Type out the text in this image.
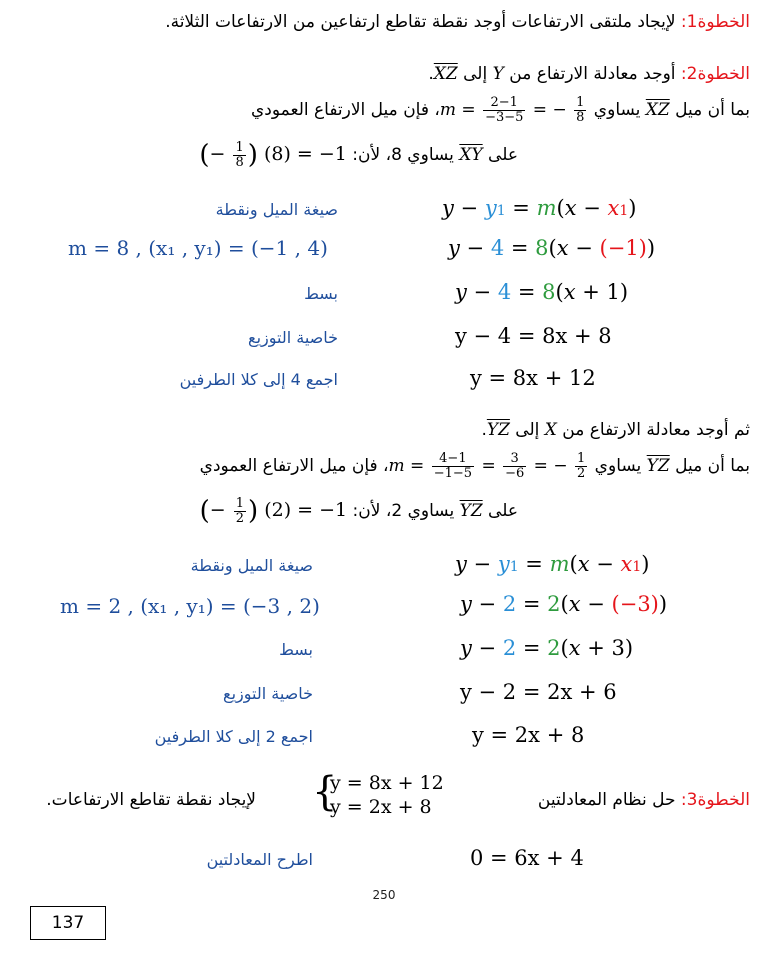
الخطوة1: لإيجاد ملتقى الارتفاعات أوجد نقطة تقاطع ارتفاعين من الارتفاعات الثلاثة.
الخطوة2: أوجد معادلة الارتفاع من Y إلى XZ.
بما أن ميل $\overline{XZ}$ يساوي $m = \frac{2-1}{-3-5}$ = − $\frac{1}{8}$
، فإن ميل الارتفاع العمودي
على $\overline{XY}$ يساوي 8، لأن: (− $\frac{1}{8}$ ) (8) = −1
صيغة الميل ونقطة	y − y1 = m(x − x1)
m = 8 , (x₁ , y₁) = (−1 , 4)	y − 4 = 8(x − (−1))
بسط	y − 4 = 8(x + 1)
خاصية التوزيع	y − 4 = 8x + 8
اجمع 4 إلى كلا الطرفين	y = 8x + 12
ثم أوجد معادلة الارتفاع من X إلى YZ.
بما أن ميل $\overline{YZ}$ يساوي $m = \frac{4-1}{-1-5} = \frac{3}{-6}$ = − $\frac{1}{2}$
، فإن ميل الارتفاع العمودي
على $\overline{YZ}$ يساوي 2، لأن: (− $\frac{1}{2}$ ) (2) = −1
صيغة الميل ونقطة	y − y1 = m(x − x1)
m = 2 , (x₁ , y₁) = (−3 , 2)	y − 2 = 2(x − (−3))
بسط	y − 2 = 2(x + 3)
خاصية التوزيع	y − 2 = 2x + 6
اجمع 2 إلى كلا الطرفين	y = 2x + 8
الخطوة3: حل نظام المعادلتين
{
y = 8x + 12
y = 2x + 8
لإيجاد نقطة تقاطع الارتفاعات.
اطرح المعادلتين	0 = 6x + 4
250
137
